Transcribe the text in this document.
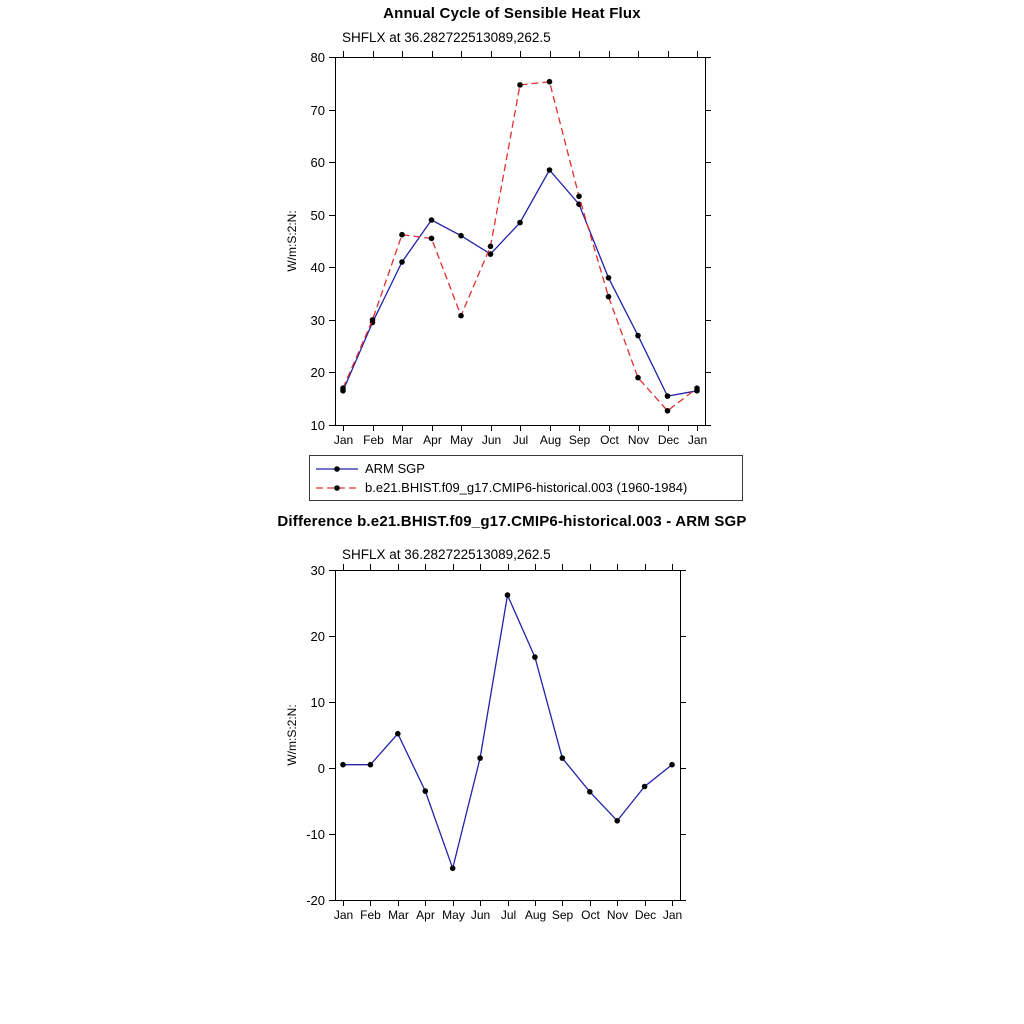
Annual Cycle of Sensible Heat Flux
SHFLX at 36.282722513089,262.5
10
20
30
40
50
60
70
80
Jan Feb Mar Apr May Jun Jul Aug Sep Oct Nov Dec Jan
W/m:S:2:N:
ARM SGP
b.e21.BHIST.f09_g17.CMIP6-historical.003 (1960-1984)
Difference b.e21.BHIST.f09_g17.CMIP6-historical.003 - ARM SGP
SHFLX at 36.282722513089,262.5
-20
-10
0
10
20
30
Jan Feb Mar Apr May Jun Jul Aug Sep Oct Nov Dec Jan
W/m:S:2:N:
